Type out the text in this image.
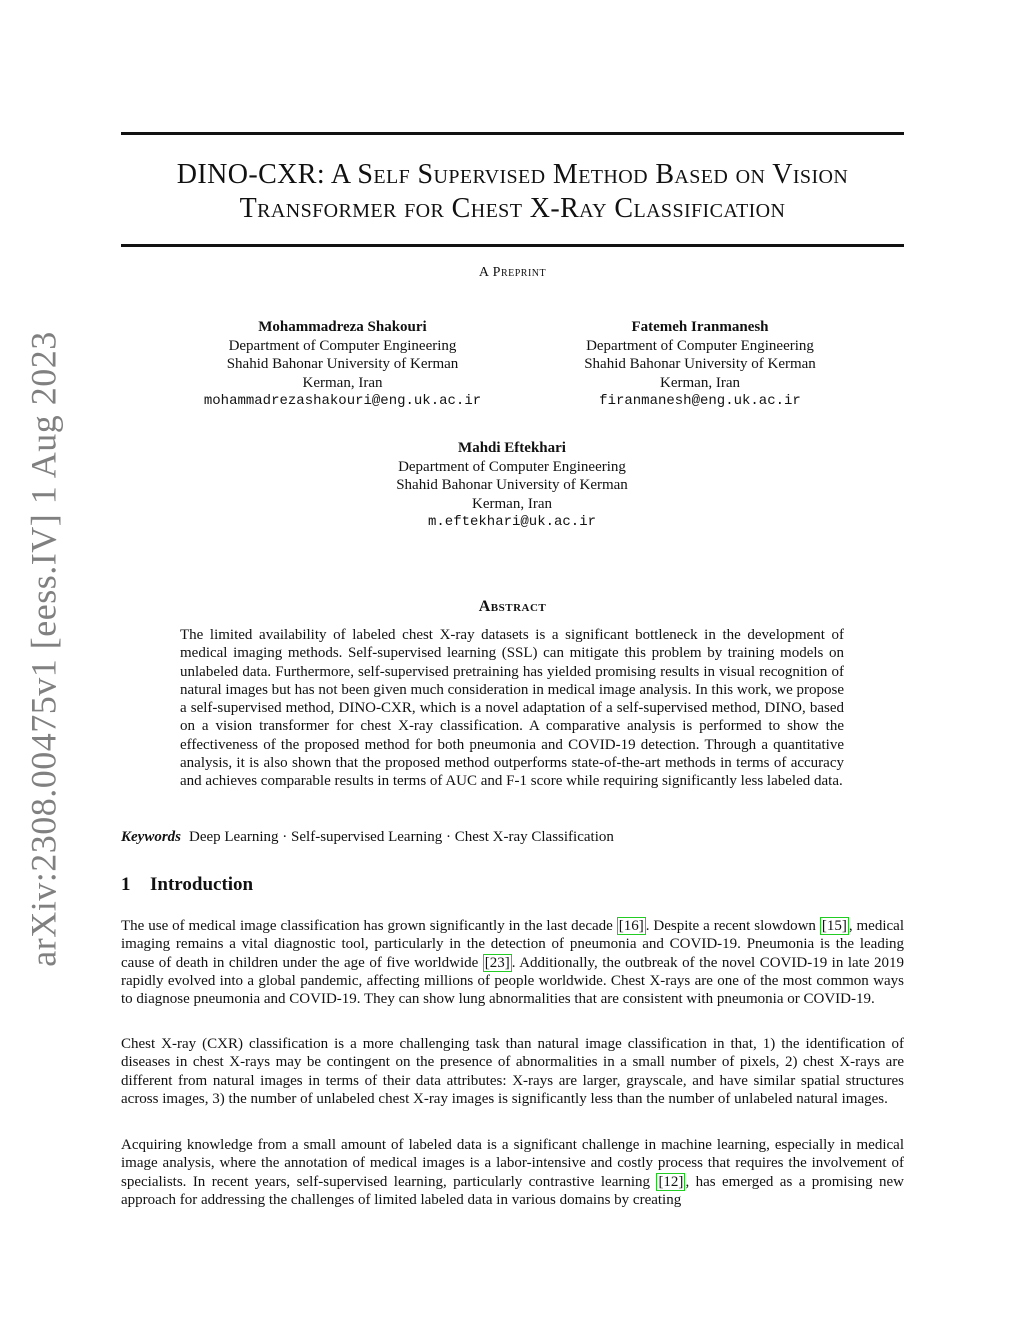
arXiv:2308.00475v1 [eess.IV] 1 Aug 2023
DINO-CXR: A Self Supervised Method Based on Vision
Transformer for Chest X-Ray Classification
A Preprint
Mohammadreza Shakouri
Department of Computer Engineering
Shahid Bahonar University of Kerman
Kerman, Iran
mohammadrezashakouri@eng.uk.ac.ir
Fatemeh Iranmanesh
Department of Computer Engineering
Shahid Bahonar University of Kerman
Kerman, Iran
firanmanesh@eng.uk.ac.ir
Mahdi Eftekhari
Department of Computer Engineering
Shahid Bahonar University of Kerman
Kerman, Iran
m.eftekhari@uk.ac.ir
Abstract
The limited availability of labeled chest X-ray datasets is a significant bottleneck in the development of medical imaging methods. Self-supervised learning (SSL) can mitigate this problem by training models on unlabeled data. Furthermore, self-supervised pretraining has yielded promising results in visual recognition of natural images but has not been given much consideration in medical image analysis. In this work, we propose a self-supervised method, DINO-CXR, which is a novel adaptation of a self-supervised method, DINO, based on a vision transformer for chest X-ray classification. A comparative analysis is performed to show the effectiveness of the proposed method for both pneumonia and COVID-19 detection. Through a quantitative analysis, it is also shown that the proposed method outperforms state-of-the-art methods in terms of accuracy and achieves comparable results in terms of AUC and F-1 score while requiring significantly less labeled data.
Keywords Deep Learning · Self-supervised Learning · Chest X-ray Classification
1 Introduction
The use of medical image classification has grown significantly in the last decade [16] . Despite a recent slowdown [15] , medical imaging remains a vital diagnostic tool, particularly in the detection of pneumonia and COVID-19. Pneumonia is the leading cause of death in children under the age of five worldwide [23] . Additionally, the outbreak of the novel COVID-19 in late 2019 rapidly evolved into a global pandemic, affecting millions of people worldwide. Chest X-rays are one of the most common ways to diagnose pneumonia and COVID-19. They can show lung abnormalities that are consistent with pneumonia or COVID-19.
Chest X-ray (CXR) classification is a more challenging task than natural image classification in that, 1) the identification of diseases in chest X-rays may be contingent on the presence of abnormalities in a small number of pixels, 2) chest X-rays are different from natural images in terms of their data attributes: X-rays are larger, grayscale, and have similar spatial structures across images, 3) the number of unlabeled chest X-ray images is significantly less than the number of unlabeled natural images.
Acquiring knowledge from a small amount of labeled data is a significant challenge in machine learning, especially in medical image analysis, where the annotation of medical images is a labor-intensive and costly process that requires the involvement of specialists. In recent years, self-supervised learning, particularly contrastive learning [12] , has emerged as a promising new approach for addressing the challenges of limited labeled data in various domains by creating
